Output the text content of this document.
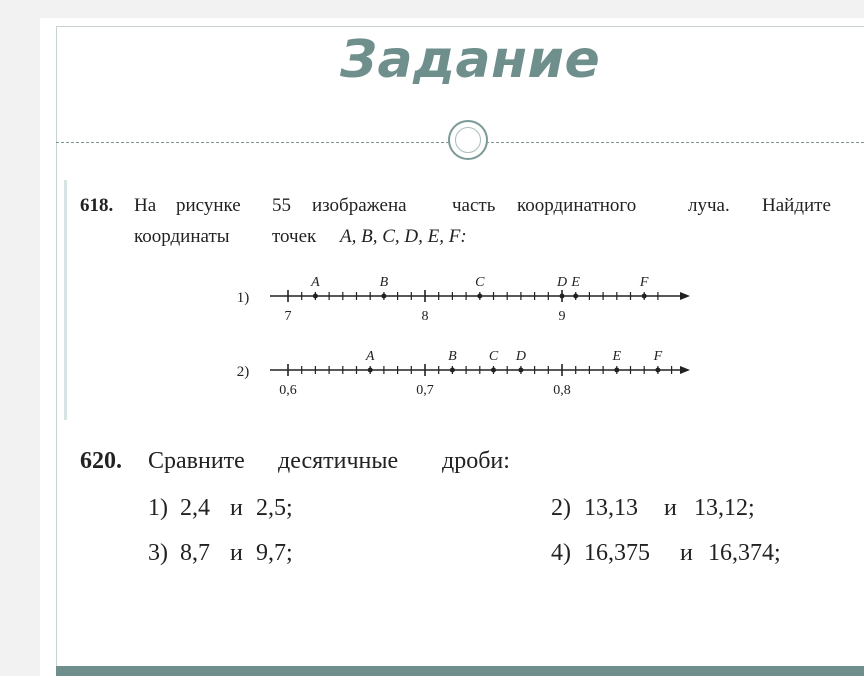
Задание
618. На рисунке 55 изображена часть координатного	луча. Найдите
координаты точек A, B, C, D, E, F:
1)
7	8	9
A	B	C	D E	F
2)
0,6	0,7	0,8
A	B C D	E F
620. Сравните десятичные дроби:
1) 2,4 и 2,5;	2) 13,13 и 13,12;
3) 8,7 и 9,7;	4) 16,375 и 16,374;
